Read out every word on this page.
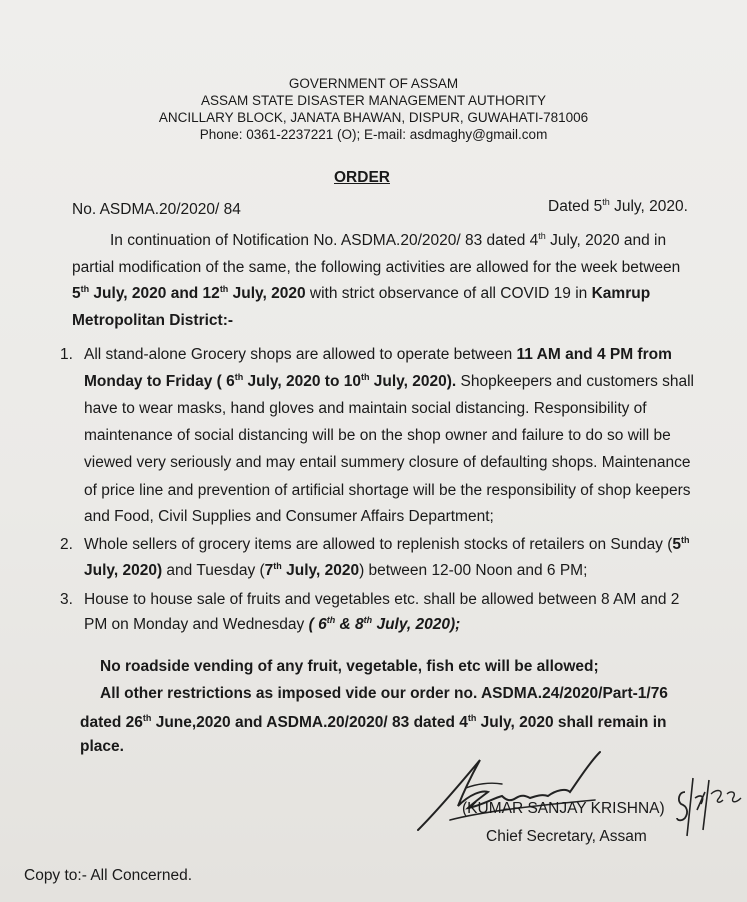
GOVERNMENT OF ASSAM
ASSAM STATE DISASTER MANAGEMENT AUTHORITY
ANCILLARY BLOCK, JANATA BHAWAN, DISPUR, GUWAHATI-781006
Phone: 0361-2237221 (O); E-mail: asdmaghy@gmail.com
ORDER
No. ASDMA.20/2020/ 84	Dated 5th July, 2020.
In continuation of Notification No. ASDMA.20/2020/ 83 dated 4th July, 2020 and in
partial modification of the same, the following activities are allowed for the week between
5th July, 2020 and 12th July, 2020 with strict observance of all COVID 19 in Kamrup
Metropolitan District:-
1. All stand-alone Grocery shops are allowed to operate between 11 AM and 4 PM from
Monday to Friday ( 6th July, 2020 to 10th July, 2020). Shopkeepers and customers shall
have to wear masks, hand gloves and maintain social distancing. Responsibility of
maintenance of social distancing will be on the shop owner and failure to do so will be
viewed very seriously and may entail summery closure of defaulting shops. Maintenance
of price line and prevention of artificial shortage will be the responsibility of shop keepers
and Food, Civil Supplies and Consumer Affairs Department;
2. Whole sellers of grocery items are allowed to replenish stocks of retailers on Sunday (5th
July, 2020) and Tuesday (7th July, 2020) between 12-00 Noon and 6 PM;
3. House to house sale of fruits and vegetables etc. shall be allowed between 8 AM and 2
PM on Monday and Wednesday ( 6th & 8th July, 2020);
No roadside vending of any fruit, vegetable, fish etc will be allowed;
All other restrictions as imposed vide our order no. ASDMA.24/2020/Part-1/76
dated 26th June,2020 and ASDMA.20/2020/ 83 dated 4th July, 2020 shall remain in
place.
(KUMAR SANJAY KRISHNA)
Chief Secretary, Assam
Copy to:- All Concerned.
